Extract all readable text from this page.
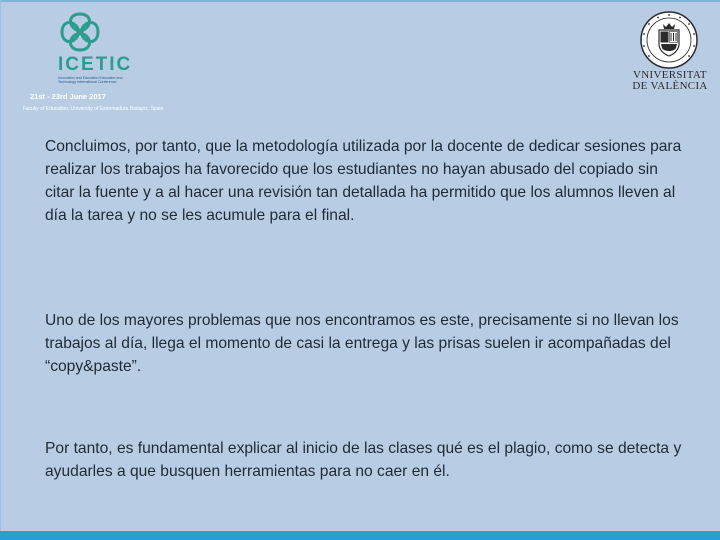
ICETIC
Innovation and Education Education and Technology International Conference
21st - 23rd June 2017
Faculty of Education, University of Extremadura Badajoz, Spain
VNIVERSITAT
DE VALÈNCIA

Concluimos, por tanto, que la metodología utilizada por la docente de dedicar sesiones para realizar los trabajos ha favorecido que los estudiantes no hayan abusado del copiado sin citar la fuente y a al hacer una revisión tan detallada ha permitido que los alumnos lleven al día la tarea y no se les acumule para el final.

Uno de los mayores problemas que nos encontramos es este, precisamente si no llevan los trabajos al día, llega el momento de casi la entrega y las prisas suelen ir acompañadas del “copy&paste”.

Por tanto, es fundamental explicar al inicio de las clases qué es el plagio, como se detecta y ayudarles a que busquen herramientas para no caer en él.
